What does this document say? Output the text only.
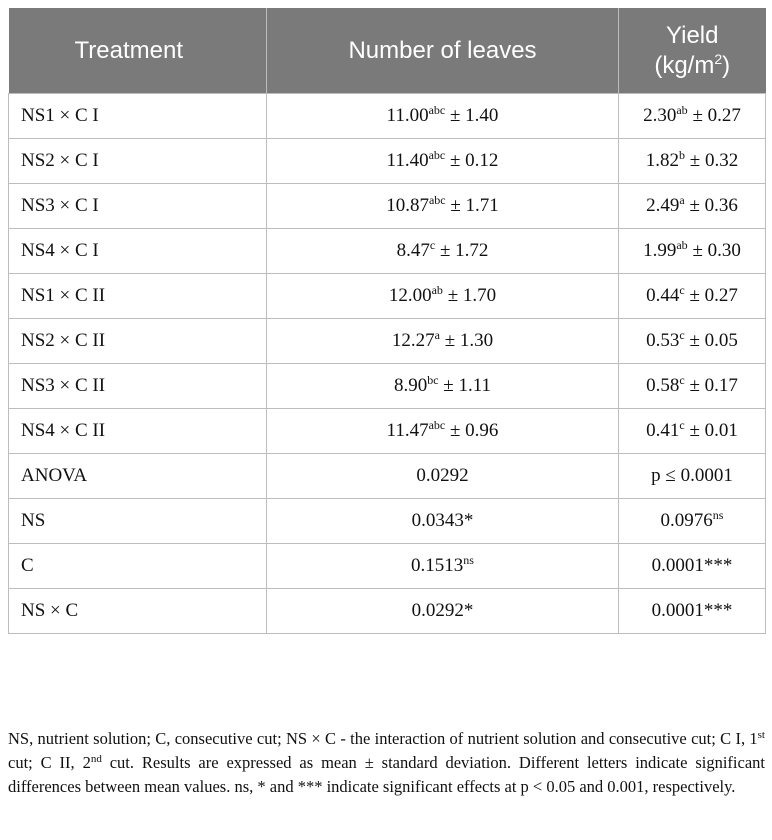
Treatment	Number of leaves	Yield
$(kg/m^2)$
NS1 × C I	11.00$^{abc}$ ± 1.40	2.30$^{ab}$ ± 0.27
NS2 × C I	11.40$^{abc}$ ± 0.12	1.82$^b$ ± 0.32
NS3 × C I	10.87$^{abc}$ ± 1.71	2.49$^a$ ± 0.36
NS4 × C I	8.47$^c$ ± 1.72	1.99$^{ab}$ ± 0.30
NS1 × C II	12.00$^{ab}$ ± 1.70	0.44$^c$ ± 0.27
NS2 × C II	12.27$^a$ ± 1.30	0.53$^c$ ± 0.05
NS3 × C II	8.90$^{bc}$ ± 1.11	0.58$^c$ ± 0.17
NS4 × C II	11.47$^{abc}$ ± 0.96	0.41$^c$ ± 0.01
ANOVA	0.0292	p ≤ 0.0001
NS	0.0343*	$0.0976^{ns}$
C	$0.1513^{ns}$	0.0001***
NS × C	0.0292*	0.0001***
NS, nutrient solution; C, consecutive cut; NS × C - the interaction of nutrient solution and consecutive cut; C I, 1st cut; C II, 2nd cut. Results are expressed as mean ± standard deviation. Different letters indicate significant differences between mean values. ns, * and *** indicate significant effects at p < 0.05 and 0.001, respectively.
